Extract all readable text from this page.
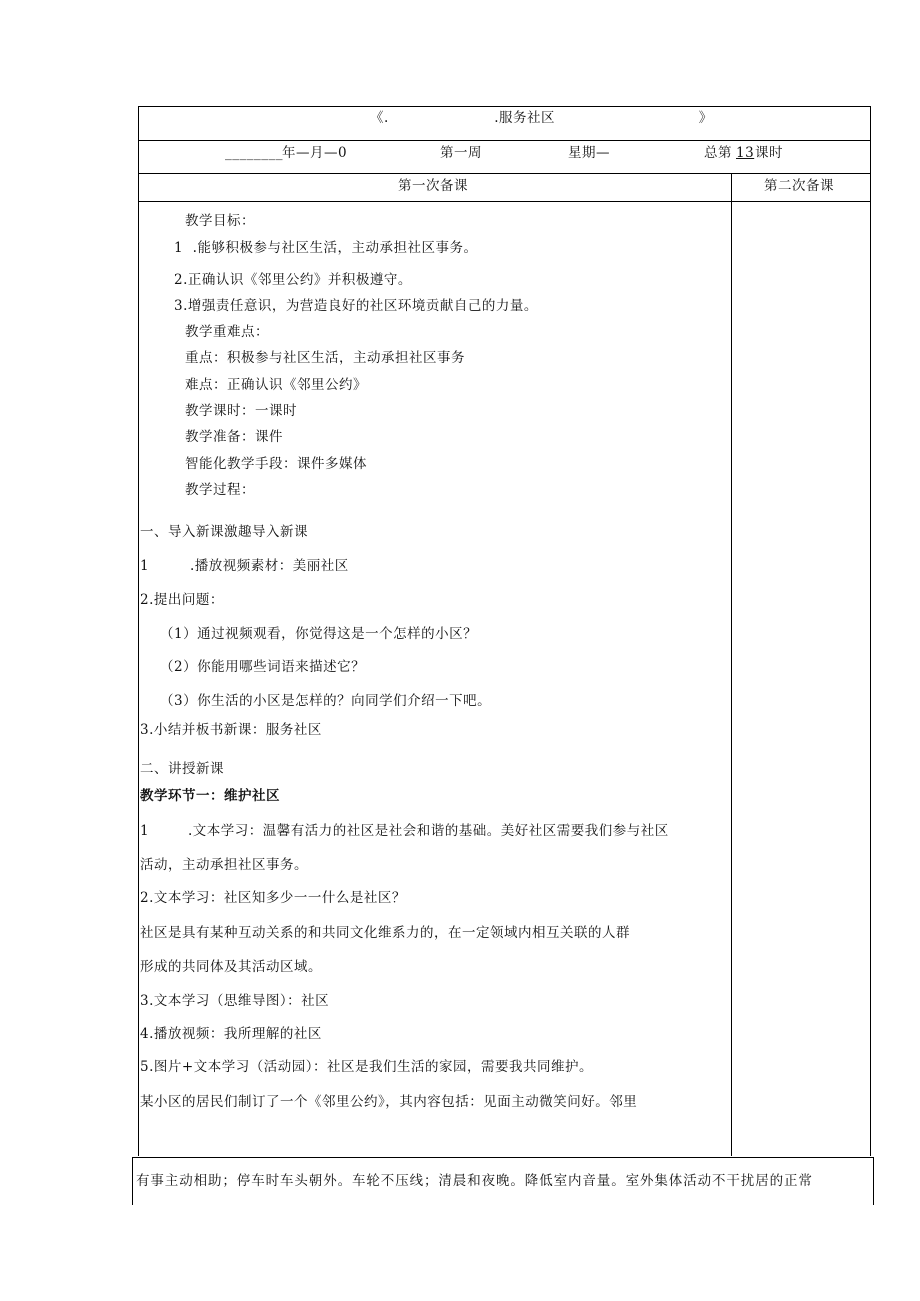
《.                      .服务社区                              》
________ 年—月—0	第一周	星期—	总第 13 课时
第一次备课	第二次备课
教学目标：
1  .能够积极参与社区生活，主动承担社区事务。
2.正确认识《邻里公约》并积极遵守。
3.增强责任意识，为营造良好的社区环境贡献自己的力量。
教学重难点：
重点：积极参与社区生活，主动承担社区事务
难点：正确认识《邻里公约》
教学课时：一课时
教学准备：课件
智能化教学手段：课件多媒体
教学过程：
一、导入新课激趣导入新课
1	.播放视频素材：美丽社区
2.提出问题：
（1）通过视频观看，你觉得这是一个怎样的小区？
（2）你能用哪些词语来描述它？
（3）你生活的小区是怎样的？向同学们介绍一下吧。
3.小结并板书新课：服务社区
二、讲授新课
教学环节一：维护社区
1	.文本学习：温馨有活力的社区是社会和谐的基础。美好社区需要我们参与社区
活动，主动承担社区事务。
2.文本学习：社区知多少一一什么是社区？
社区是具有某种互动关系的和共同文化维系力的，在一定领域内相互关联的人群
形成的共同体及其活动区域。
3.文本学习（思维导图）：社区
4.播放视频：我所理解的社区
5.图片+文本学习（活动园）：社区是我们生活的家园，需要我共同维护。
某小区的居民们制订了一个《邻里公约》，其内容包括：见面主动微笑问好。邻里
有事主动相助；停车时车头朝外。车轮不压线；清晨和夜晚。降低室内音量。室外集体活动不干扰居的正常
